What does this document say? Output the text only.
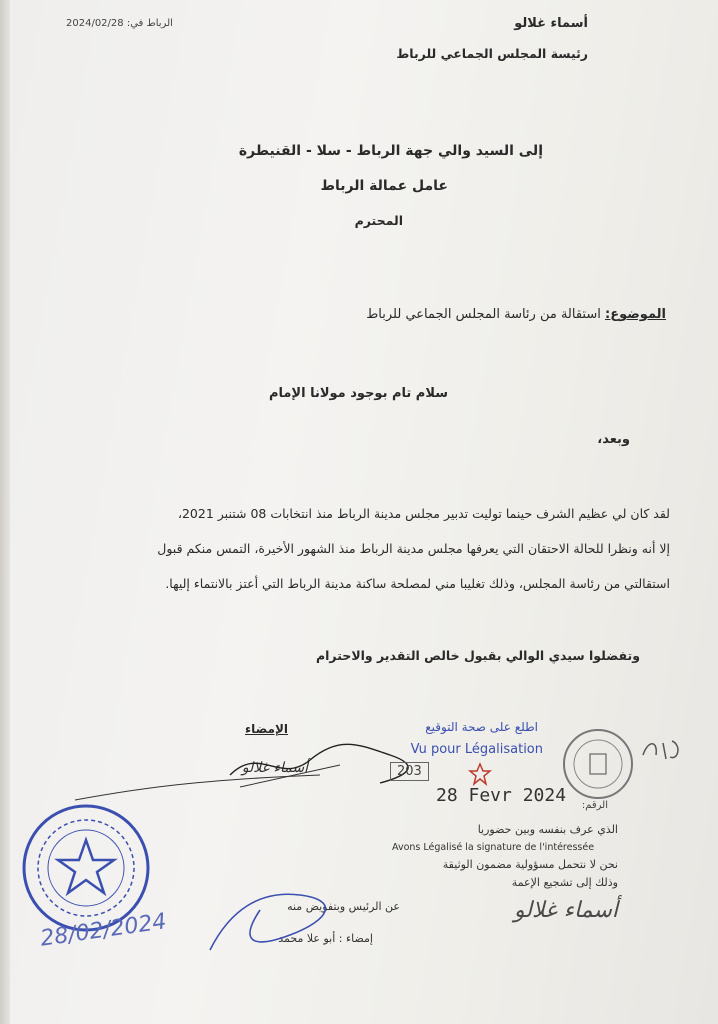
الرباط في: 2024/02/28	أسماء غلالو
رئيسة المجلس الجماعي للرباط
إلى السيد والي جهة الرباط - سلا - القنيطرة
عامل عمالة الرباط
المحترم
الموضوع: استقالة من رئاسة المجلس الجماعي للرباط
سلام تام بوجود مولانا الإمام
وبعد،
لقد كان لي عظيم الشرف حينما توليت تدبير مجلس مدينة الرباط منذ انتخابات 08 شتنبر 2021،
إلا أنه ونظرا للحالة الاحتقان التي يعرفها مجلس مدينة الرباط منذ الشهور الأخيرة، التمس منكم قبول
استقالتي من رئاسة المجلس، وذلك تغليبا مني لمصلحة ساكنة مدينة الرباط التي أعتز بالانتماء إليها.
وتفضلوا سيدي الوالي بقبول خالص التقدير والاحترام
الإمضاء
أسماء غلالو
28/02/2024
اطلع على صحة التوقيع
Vu pour Légalisation
203
28 Fevr 2024 الرقم:
الذي عرف بنفسه وبين حضوريا
Avons Légalisé la signature de l'intéressée
نحن لا نتحمل مسؤولية مضمون الوثيقة
وذلك إلى تشجيع الإعمة
أسماء غلالو
عن الرئيس وبتفويض منه
إمضاء : أبو علا محمد
